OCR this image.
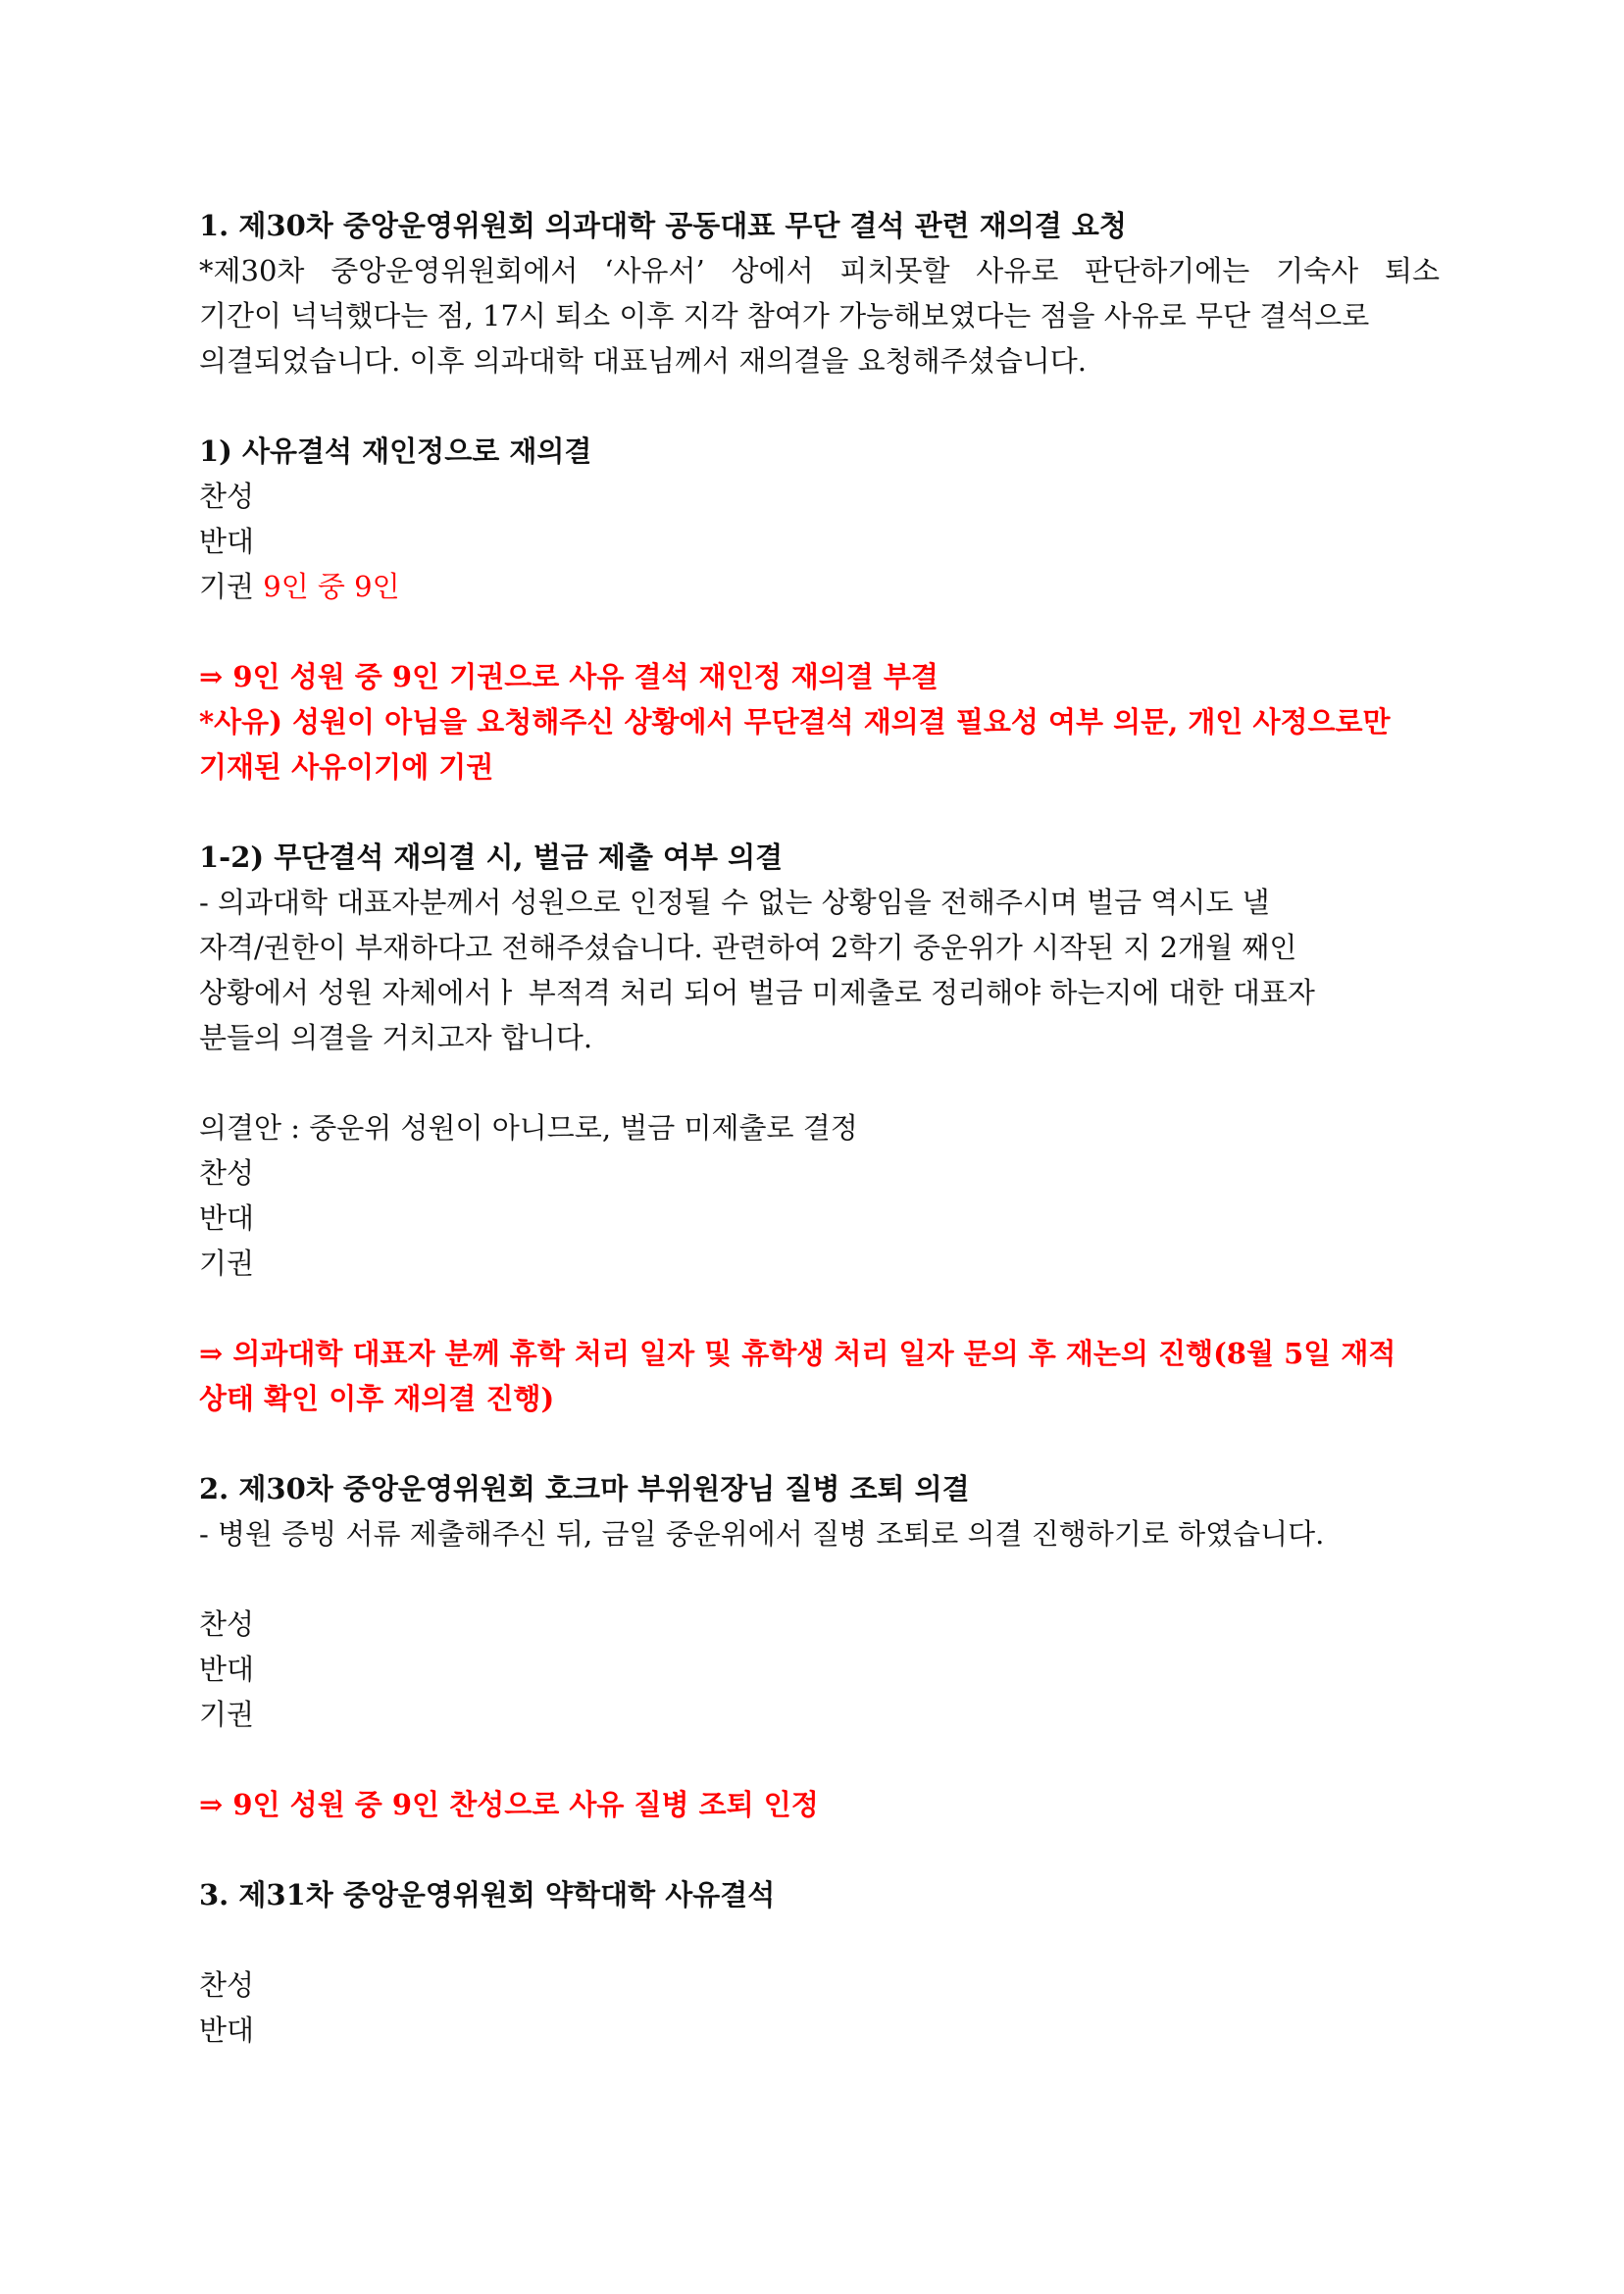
1. 제30차 중앙운영위원회 의과대학 공동대표 무단 결석 관련 재의결 요청
*제30차 중앙운영위원회에서 ‘사유서’ 상에서 피치못할 사유로 판단하기에는 기숙사 퇴소
기간이 넉넉했다는 점, 17시 퇴소 이후 지각 참여가 가능해보였다는 점을 사유로 무단 결석으로
의결되었습니다. 이후 의과대학 대표님께서 재의결을 요청해주셨습니다.
1) 사유결석 재인정으로 재의결
찬성
반대
기권 9인 중 9인
⇒ 9인 성원 중 9인 기권으로 사유 결석 재인정 재의결 부결
*사유) 성원이 아님을 요청해주신 상황에서 무단결석 재의결 필요성 여부 의문, 개인 사정으로만
기재된 사유이기에 기권
1-2) 무단결석 재의결 시, 벌금 제출 여부 의결
- 의과대학 대표자분께서 성원으로 인정될 수 없는 상황임을 전해주시며 벌금 역시도 낼
자격/권한이 부재하다고 전해주셨습니다. 관련하여 2학기 중운위가 시작된 지 2개월 째인
상황에서 성원 자체에서ㅏ 부적격 처리 되어 벌금 미제출로 정리해야 하는지에 대한 대표자
분들의 의결을 거치고자 합니다.
의결안 : 중운위 성원이 아니므로, 벌금 미제출로 결정
찬성
반대
기권
⇒ 의과대학 대표자 분께 휴학 처리 일자 및 휴학생 처리 일자 문의 후 재논의 진행(8월 5일 재적
상태 확인 이후 재의결 진행)
2. 제30차 중앙운영위원회 호크마 부위원장님 질병 조퇴 의결
- 병원 증빙 서류 제출해주신 뒤, 금일 중운위에서 질병 조퇴로 의결 진행하기로 하였습니다.
찬성
반대
기권
⇒ 9인 성원 중 9인 찬성으로 사유 질병 조퇴 인정
3. 제31차 중앙운영위원회 약학대학 사유결석
찬성
반대
